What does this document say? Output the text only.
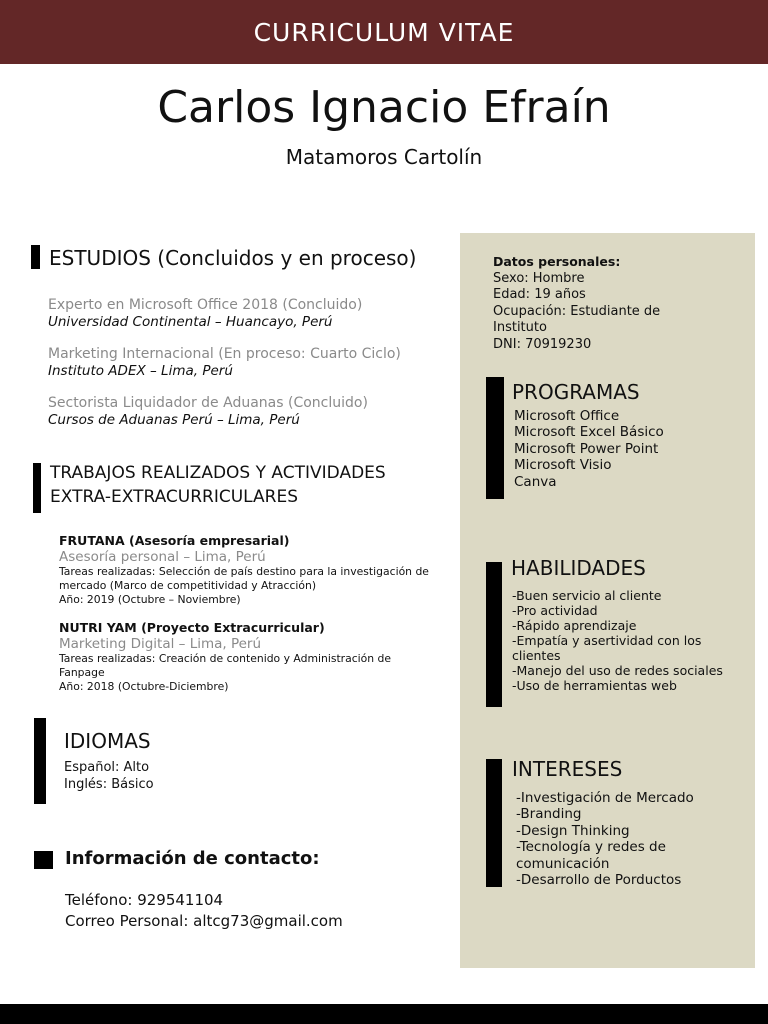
CURRICULUM VITAE
Carlos Ignacio Efraín
Matamoros Cartolín
ESTUDIOS (Concluidos y en proceso)
Experto en Microsoft Office 2018 (Concluido)
Universidad Continental – Huancayo, Perú
Marketing Internacional (En proceso: Cuarto Ciclo)
Instituto ADEX – Lima, Perú
Sectorista Liquidador de Aduanas (Concluido)
Cursos de Aduanas Perú – Lima, Perú
TRABAJOS REALIZADOS Y ACTIVIDADES
EXTRA-EXTRACURRICULARES
FRUTANA (Asesoría empresarial)
Asesoría personal – Lima, Perú
Tareas realizadas: Selección de país destino para la investigación de mercado (Marco de competitividad y Atracción)
Año: 2019 (Octubre – Noviembre)
NUTRI YAM (Proyecto Extracurricular)
Marketing Digital – Lima, Perú
Tareas realizadas: Creación de contenido y Administración de Fanpage
Año: 2018 (Octubre-Diciembre)
IDIOMAS
Español: Alto
Inglés: Básico
Información de contacto:
Teléfono: 929541104
Correo Personal: altcg73@gmail.com
Datos personales:
Sexo: Hombre
Edad: 19 años
Ocupación: Estudiante de
Instituto
DNI: 70919230
PROGRAMAS
Microsoft Office
Microsoft Excel Básico
Microsoft Power Point
Microsoft Visio
Canva
HABILIDADES
-Buen servicio al cliente
-Pro actividad
-Rápido aprendizaje
-Empatía y asertividad con los
clientes
-Manejo del uso de redes sociales
-Uso de herramientas web
INTERESES
-Investigación de Mercado
-Branding
-Design Thinking
-Tecnología y redes de
comunicación
-Desarrollo de Porductos
